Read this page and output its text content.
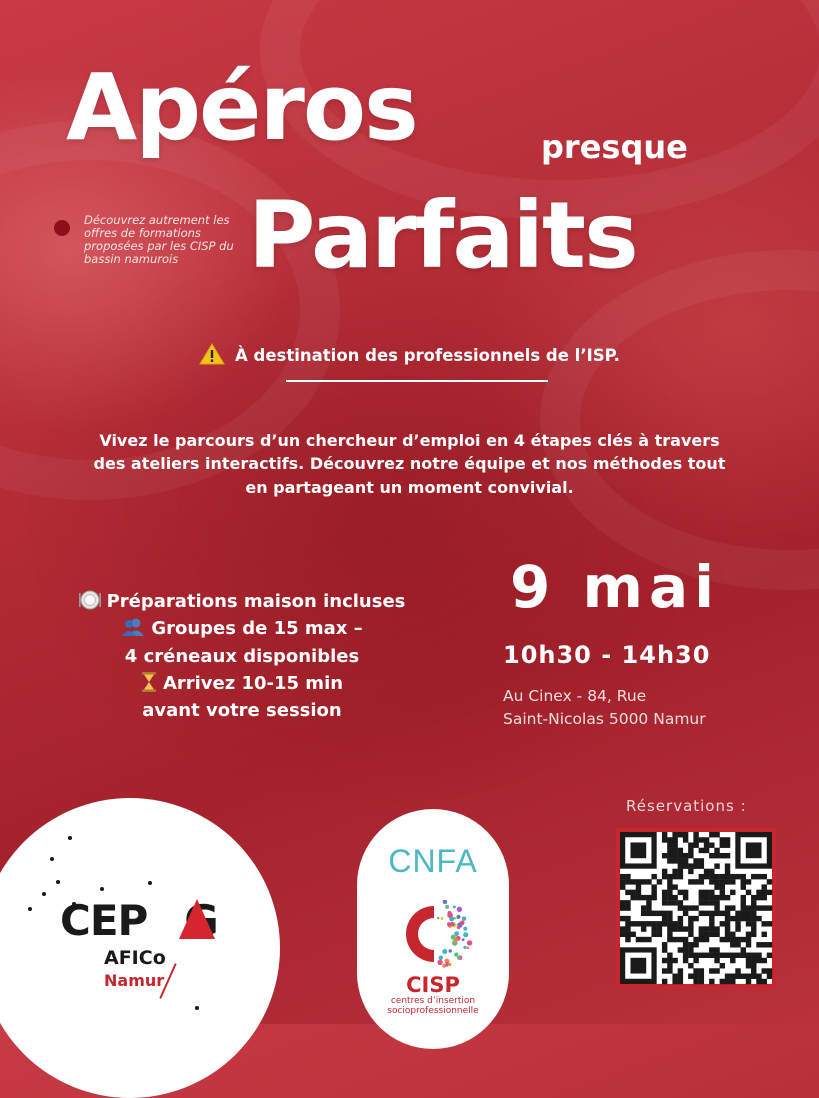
Apéros	presque
Parfaits
Découvrez autrement les offres de formations proposées par les CISP du bassin namurois
À destination des professionnels de l’ISP.
Vivez le parcours d’un chercheur d’emploi en 4 étapes clés à travers
des ateliers interactifs. Découvrez notre équipe et nos méthodes tout
en partageant un moment convivial.
Préparations maison incluses
Groupes de 15 max –
4 créneaux disponibles
Arrivez 10-15 min
avant votre session
9 mai
10h30 - 14h30
Au Cinex - 84, Rue
Saint-Nicolas 5000 Namur
Réservations :
CEP G
AFICo
Namur
CNFA
CISP
centres d’insertion socioprofessionnelle
